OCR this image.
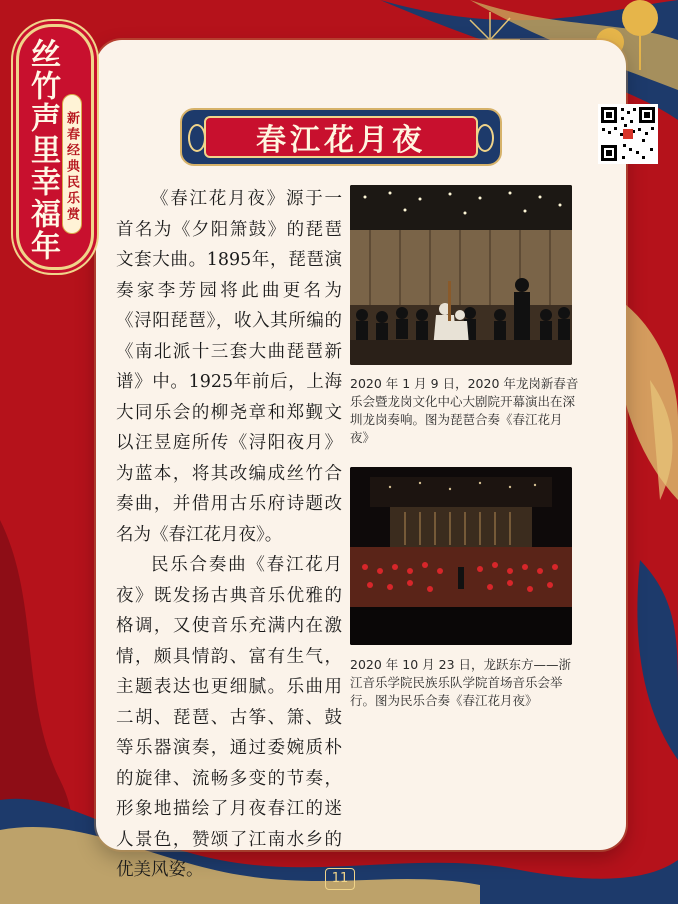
丝竹声里幸福年 新春经典民乐赏	春江花月夜

《春江花月夜》源于一首名为《夕阳箫鼓》的琵琶文套大曲。1895年，琵琶演奏家李芳园将此曲更名为《浔阳琵琶》，收入其所编的《南北派十三套大曲琵琶新谱》中。1925年前后，上海大同乐会的柳尧章和郑觐文以汪昱庭所传《浔阳夜月》为蓝本，将其改编成丝竹合奏曲，并借用古乐府诗题改名为《春江花月夜》。

民乐合奏曲《春江花月夜》既发扬古典音乐优雅的格调，又使音乐充满内在激情，颇具情韵、富有生气，主题表达也更细腻。乐曲用二胡、琵琶、古筝、箫、鼓等乐器演奏，通过委婉质朴的旋律、流畅多变的节奏，形象地描绘了月夜春江的迷人景色，赞颂了江南水乡的优美风姿。

2020 年 1 月 9 日，2020 年龙岗新春音乐会暨龙岗文化中心大剧院开幕演出在深圳龙岗奏响。图为琵琶合奏《春江花月夜》
2020 年 10 月 23 日，龙跃东方——浙江音乐学院民族乐队学院首场音乐会举行。图为民乐合奏《春江花月夜》
11
